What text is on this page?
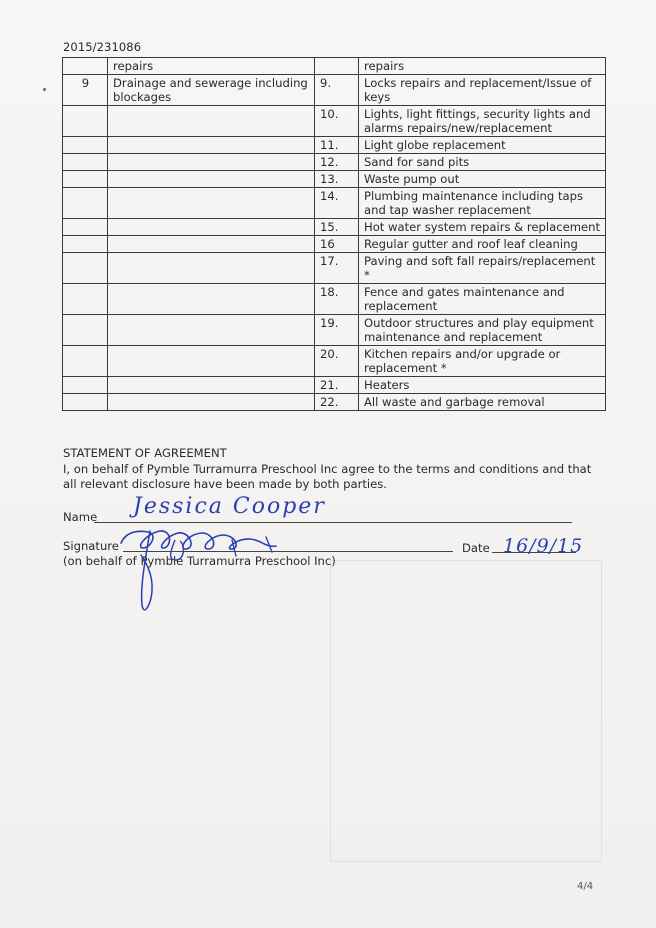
2015/231086
	repairs		repairs
9	Drainage and sewerage including blockages	9.	Locks repairs and replacement/Issue of keys
		10.	Lights, light fittings, security lights and alarms repairs/new/replacement
		11.	Light globe replacement
		12.	Sand for sand pits
		13.	Waste pump out
		14.	Plumbing maintenance including taps and tap washer replacement
		15.	Hot water system repairs & replacement
		16	Regular gutter and roof leaf cleaning
		17.	Paving and soft fall repairs/replacement *
		18.	Fence and gates maintenance and replacement
		19.	Outdoor structures and play equipment maintenance and replacement
		20.	Kitchen repairs and/or upgrade or replacement *
		21.	Heaters
		22.	All waste and garbage removal
STATEMENT OF AGREEMENT
I, on behalf of Pymble Turramurra Preschool Inc agree to the terms and conditions and that all relevant disclosure have been made by both parties.
Name Jessica Cooper
Signature	Date 16/9/15
(on behalf of Pymble Turramurra Preschool Inc)
4/4
